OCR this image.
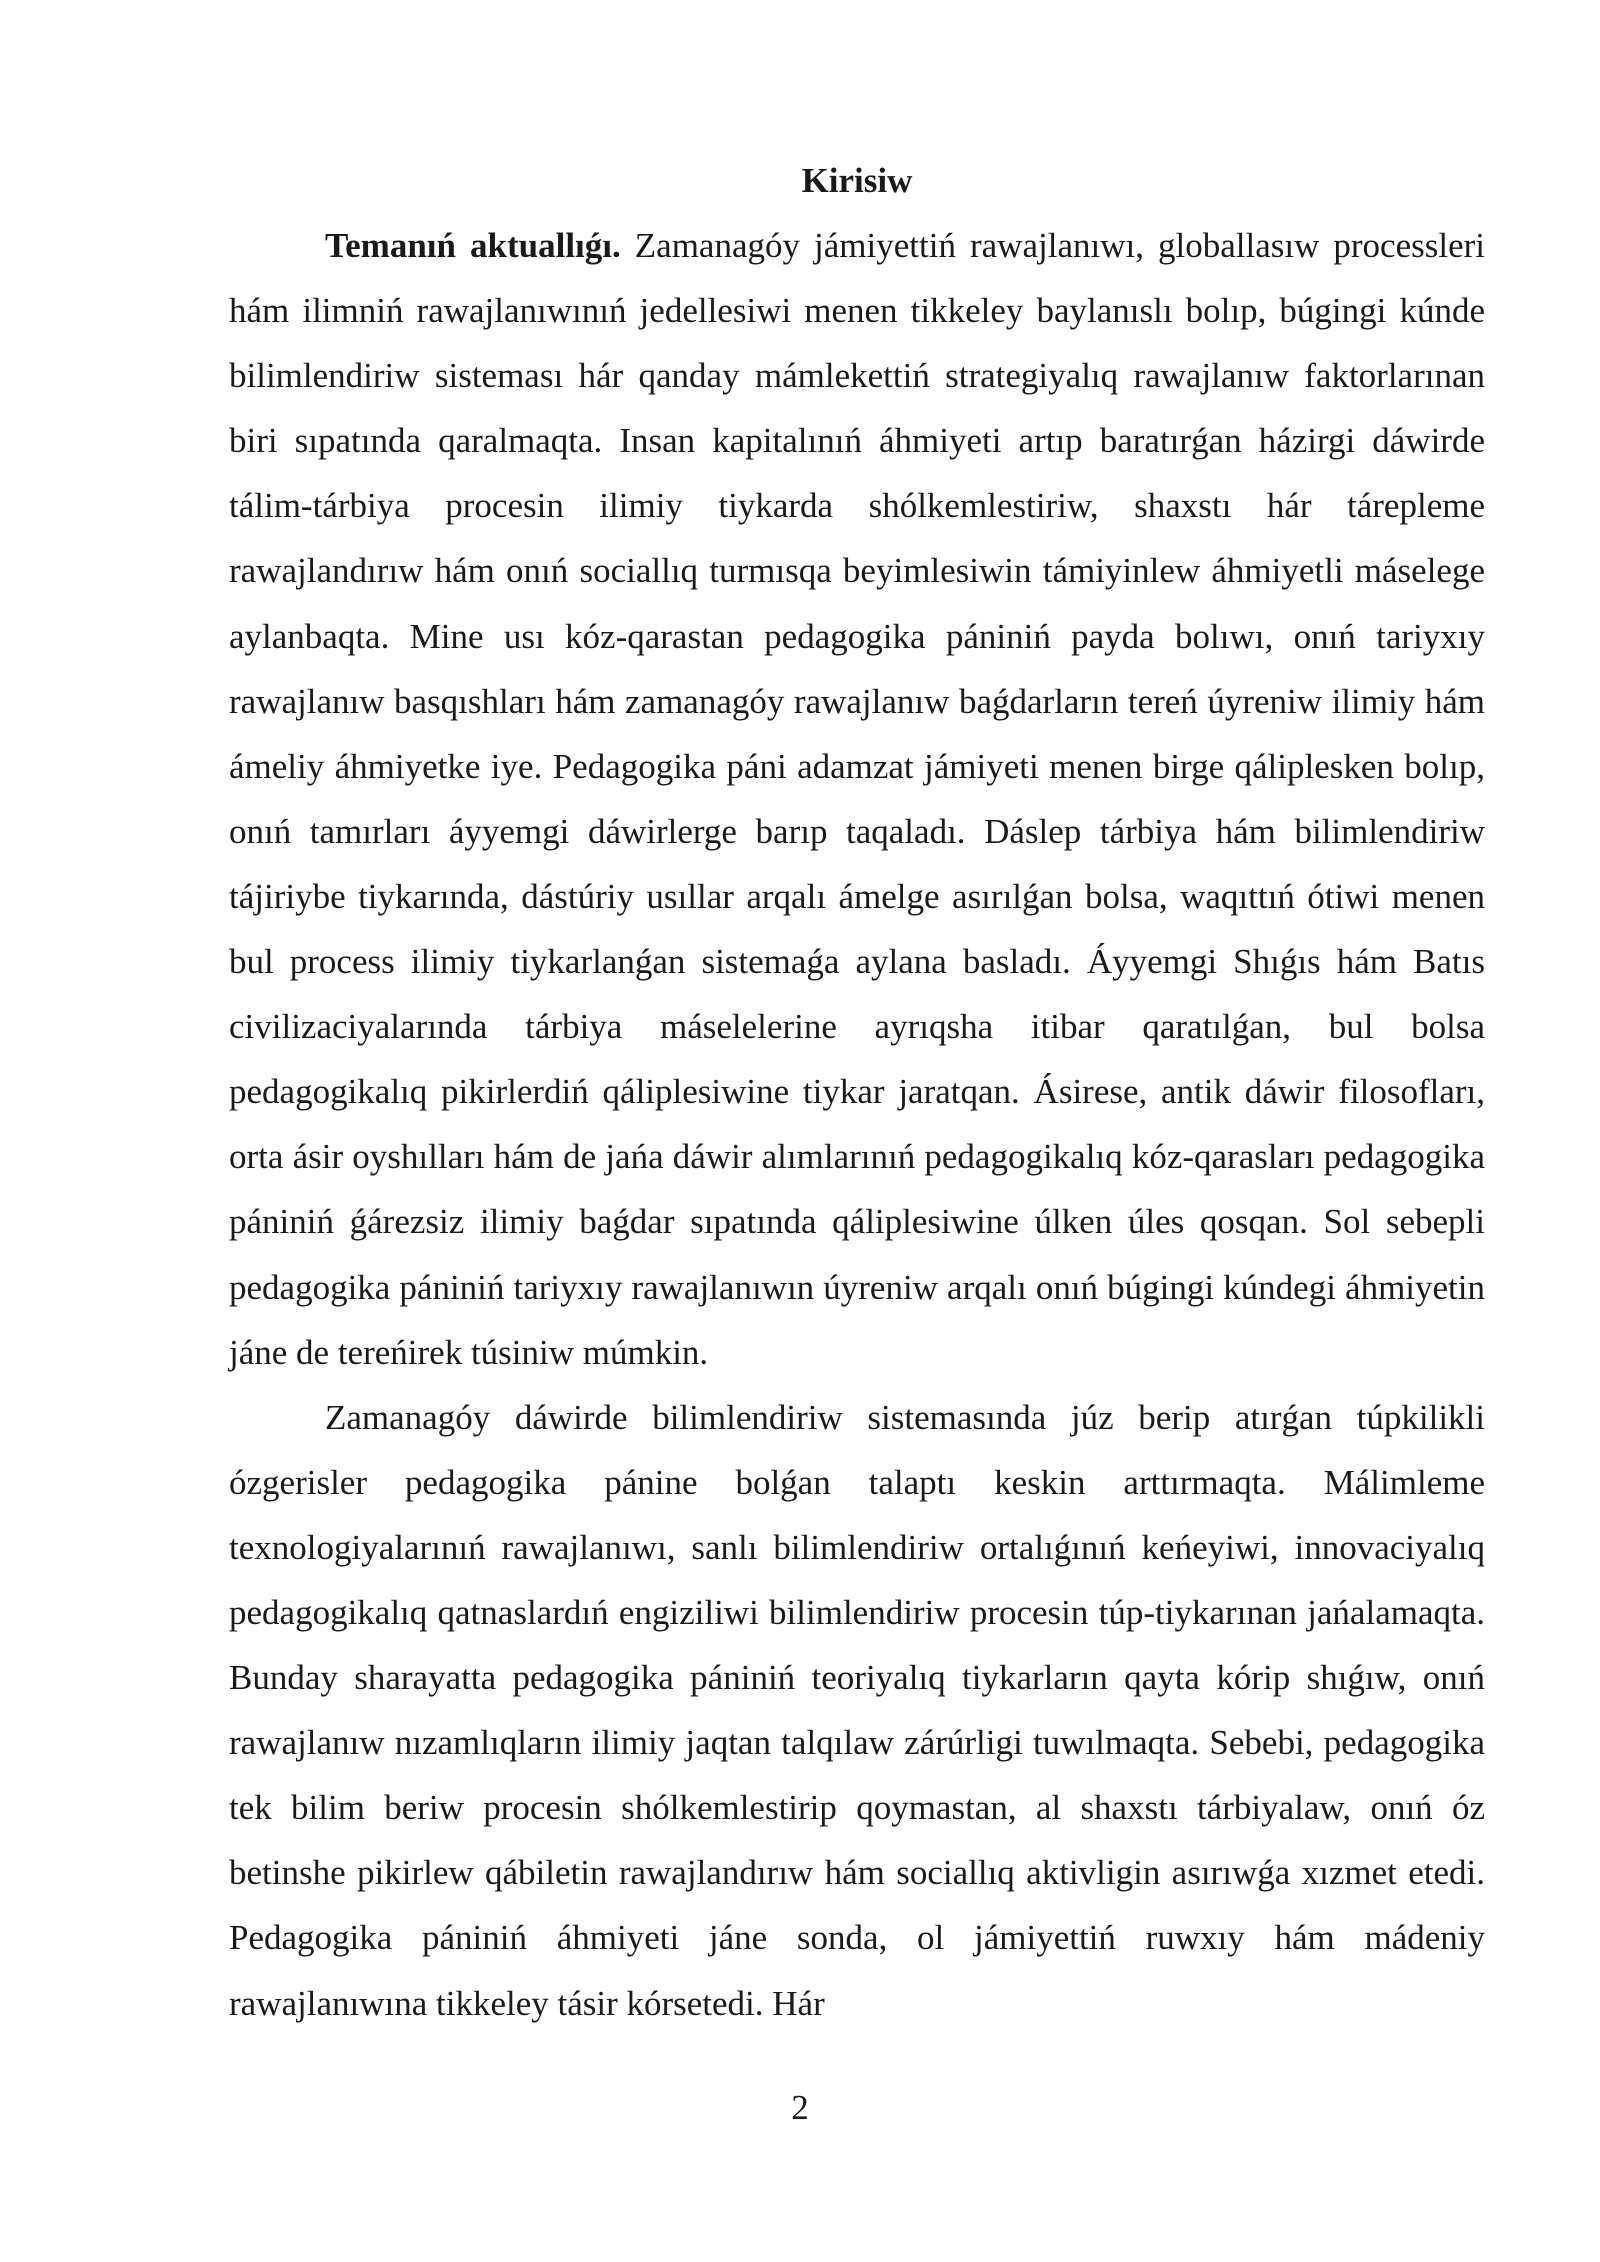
Kirisiw

Temanıń aktuallıǵı. Zamanagóy jámiyettiń rawajlanıwı, globallasıw processleri hám ilimniń rawajlanıwınıń jedellesiwi menen tikkeley baylanıslı bolıp, búgingi kúnde bilimlendiriw sisteması hár qanday mámlekettiń strategiyalıq rawajlanıw faktorlarınan biri sıpatında qaralmaqta. Insan kapitalınıń áhmiyeti artıp baratırǵan házirgi dáwirde tálim-tárbiya procesin ilimiy tiykarda shólkemlestiriw, shaxstı hár tárepleme rawajlandırıw hám onıń sociallıq turmısqa beyimlesiwin támiyinlew áhmiyetli máselege aylanbaqta. Mine usı kóz-qarastan pedagogika pániniń payda bolıwı, onıń tariyxıy rawajlanıw basqıshları hám zamanagóy rawajlanıw baǵdarların tereń úyreniw ilimiy hám ámeliy áhmiyetke iye. Pedagogika páni adamzat jámiyeti menen birge qáliplesken bolıp, onıń tamırları áyyemgi dáwirlerge barıp taqaladı. Dáslep tárbiya hám bilimlendiriw tájiriybe tiykarında, dástúriy usıllar arqalı ámelge asırılǵan bolsa, waqıttıń ótiwi menen bul process ilimiy tiykarlanǵan sistemaǵa aylana basladı. Áyyemgi Shıǵıs hám Batıs civilizaciyalarında tárbiya máselelerine ayrıqsha itibar qaratılǵan, bul bolsa pedagogikalıq pikirlerdiń qáliplesiwine tiykar jaratqan. Ásirese, antik dáwir filosofları, orta ásir oyshılları hám de jańa dáwir alımlarınıń pedagogikalıq kóz-qarasları pedagogika pániniń ǵárezsiz ilimiy baǵdar sıpatında qáliplesiwine úlken úles qosqan. Sol sebepli pedagogika pániniń tariyxıy rawajlanıwın úyreniw arqalı onıń búgingi kúndegi áhmiyetin jáne de tereńirek túsiniw múmkin.

Zamanagóy dáwirde bilimlendiriw sistemasında júz berip atırǵan túpkilikli ózgerisler pedagogika pánine bolǵan talaptı keskin arttırmaqta. Málimleme texnologiyalarınıń rawajlanıwı, sanlı bilimlendiriw ortalıǵınıń keńeyiwi, innovaciyalıq pedagogikalıq qatnaslardıń engiziliwi bilimlendiriw procesin túp-tiykarınan jańalamaqta. Bunday sharayatta pedagogika pániniń teoriyalıq tiykarların qayta kórip shıǵıw, onıń rawajlanıw nızamlıqların ilimiy jaqtan talqılaw zárúrligi tuwılmaqta. Sebebi, pedagogika tek bilim beriw procesin shólkemlestirip qoymastan, al shaxstı tárbiyalaw, onıń óz betinshe pikirlew qábiletin rawajlandırıw hám sociallıq aktivligin asırıwǵa xızmet etedi. Pedagogika pániniń áhmiyeti jáne sonda, ol jámiyettiń ruwxıy hám mádeniy rawajlanıwına tikkeley tásir kórsetedi. Hár

2
